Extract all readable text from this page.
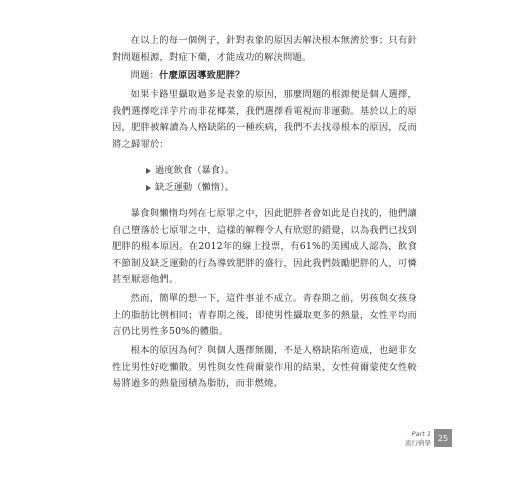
在以上的每一個例子，針對表象的原因去解決根本無濟於事；只有針對問題根源，對症下藥，才能成功的解決問題。

問題：什麼原因導致肥胖？

如果卡路里攝取過多是表象的原因，那麼問題的根源便是個人選擇，我們選擇吃洋芋片而非花椰菜，我們選擇看電視而非運動。基於以上的原因，肥胖被解讀為人格缺陷的一種疾病，我們不去找尋根本的原因，反而將之歸罪於：

過度飲食（暴食）。
缺乏運動（懶惰）。

暴食與懶惰均列在七原罪之中，因此肥胖者會如此是自找的，他們讓自己墮落於七原罪之中，這樣的解釋令人有欣慰的錯覺，以為我們已找到肥胖的根本原因。在2012年的線上投票，有61%的美國成人認為，飲食不節制及缺乏運動的行為導致肥胖的盛行，因此我們鼓勵肥胖的人，可憐甚至厭惡他們。

然而，簡單的想一下，這件事並不成立。青春期之前，男孩與女孩身上的脂肪比例相同；青春期之後，即使男性攝取更多的熱量，女性平均而言仍比男性多50%的體脂。

根本的原因為何？與個人選擇無關，不是人格缺陷所造成，也絕非女性比男性好吃懶散。男性與女性荷爾蒙作用的結果，女性荷爾蒙使女性較易將過多的熱量囤積為脂肪，而非燃燒。

Part 1
流行病學
25
